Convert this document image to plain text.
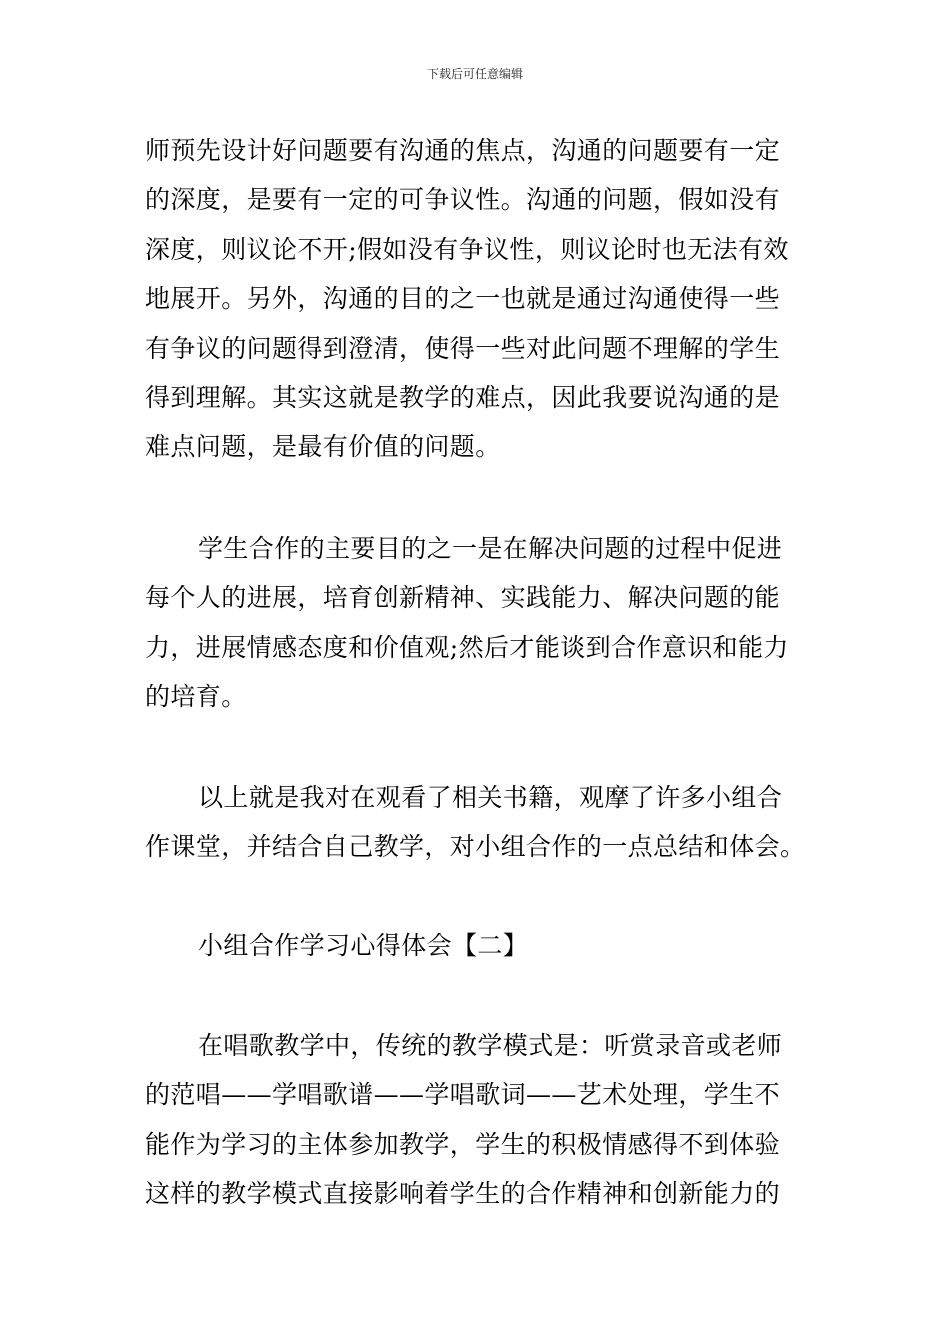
下载后可任意编辑
师预先设计好问题要有沟通的焦点，沟通的问题要有一定
的深度，是要有一定的可争议性。沟通的问题，假如没有
深度，则议论不开;假如没有争议性，则议论时也无法有效
地展开。另外，沟通的目的之一也就是通过沟通使得一些
有争议的问题得到澄清，使得一些对此问题不理解的学生
得到理解。其实这就是教学的难点，因此我要说沟通的是
难点问题，是最有价值的问题。
学生合作的主要目的之一是在解决问题的过程中促进
每个人的进展，培育创新精神、实践能力、解决问题的能
力，进展情感态度和价值观;然后才能谈到合作意识和能力
的培育。
以上就是我对在观看了相关书籍，观摩了许多小组合
作课堂，并结合自己教学，对小组合作的一点总结和体会。
小组合作学习心得体会【二】
在唱歌教学中，传统的教学模式是：听赏录音或老师
的范唱——学唱歌谱——学唱歌词——艺术处理，学生不
能作为学习的主体参加教学，学生的积极情感得不到体验
这样的教学模式直接影响着学生的合作精神和创新能力的
